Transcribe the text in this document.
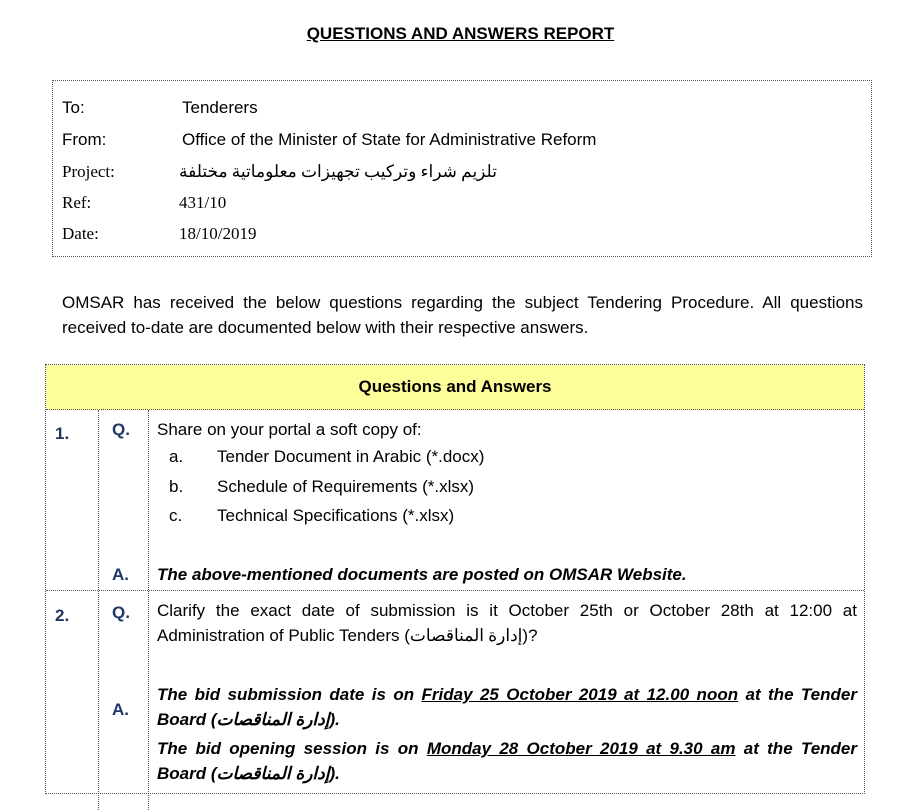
QUESTIONS AND ANSWERS REPORT
To:	Tenderers
From:	Office of the Minister of State for Administrative Reform
Project:	تلزيم شراء وتركيب تجهيزات معلوماتية مختلفة
Ref:	431/10
Date:	18/10/2019
OMSAR has received the below questions regarding the subject Tendering Procedure. All questions received to-date are documented below with their respective answers.
Questions and Answers
1.	Q. Share on your portal a soft copy of:
a. Tender Document in Arabic (*.docx)
b. Schedule of Requirements (*.xlsx)
c. Technical Specifications (*.xlsx)
A. The above-mentioned documents are posted on OMSAR Website.
2.	Q. Clarify the exact date of submission is it October 25th or October 28th at 12:00 at Administration of Public Tenders (إدارة المناقصات)?
A.
The bid submission date is on Friday 25 October 2019 at 12.00 noon at the Tender Board (إدارة المناقصات).
The bid opening session is on Monday 28 October 2019 at 9.30 am at the Tender Board (إدارة المناقصات).
